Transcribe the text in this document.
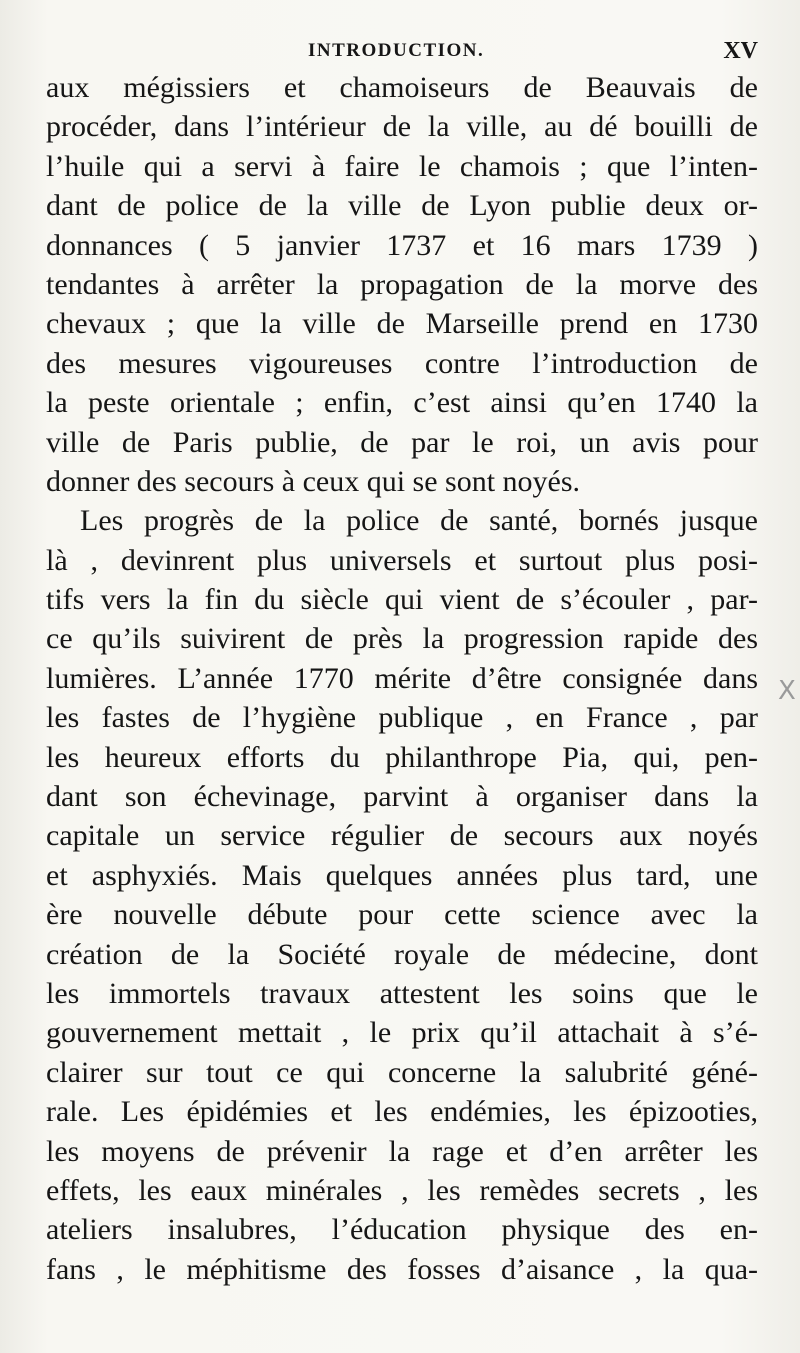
INTRODUCTION.	XV
aux mégissiers et chamoiseurs de Beauvais de
procéder, dans l’intérieur de la ville, au dé bouilli de
l’huile qui a servi à faire le chamois ; que l’inten-
dant de police de la ville de Lyon publie deux or-
donnances ( 5 janvier 1737 et 16 mars 1739 )
tendantes à arrêter la propagation de la morve des
chevaux ; que la ville de Marseille prend en 1730
des mesures vigoureuses contre l’introduction de
la peste orientale ; enfin, c’est ainsi qu’en 1740 la
ville de Paris publie, de par le roi, un avis pour
donner des secours à ceux qui se sont noyés.
Les progrès de la police de santé, bornés jusque
là , devinrent plus universels et surtout plus posi-
tifs vers la fin du siècle qui vient de s’écouler , par-
ce qu’ils suivirent de près la progression rapide des
lumières. L’année 1770 mérite d’être consignée dans
les fastes de l’hygiène publique , en France , par
les heureux efforts du philanthrope Pia, qui, pen-
dant son échevinage, parvint à organiser dans la
capitale un service régulier de secours aux noyés
et asphyxiés. Mais quelques années plus tard, une
ère nouvelle débute pour cette science avec la
création de la Société royale de médecine, dont
les immortels travaux attestent les soins que le
gouvernement mettait , le prix qu’il attachait à s’é-
clairer sur tout ce qui concerne la salubrité géné-
rale. Les épidémies et les endémies, les épizooties,
les moyens de prévenir la rage et d’en arrêter les
effets, les eaux minérales , les remèdes secrets , les
ateliers insalubres, l’éducation physique des en-
fans , le méphitisme des fosses d’aisance , la qua-
X
